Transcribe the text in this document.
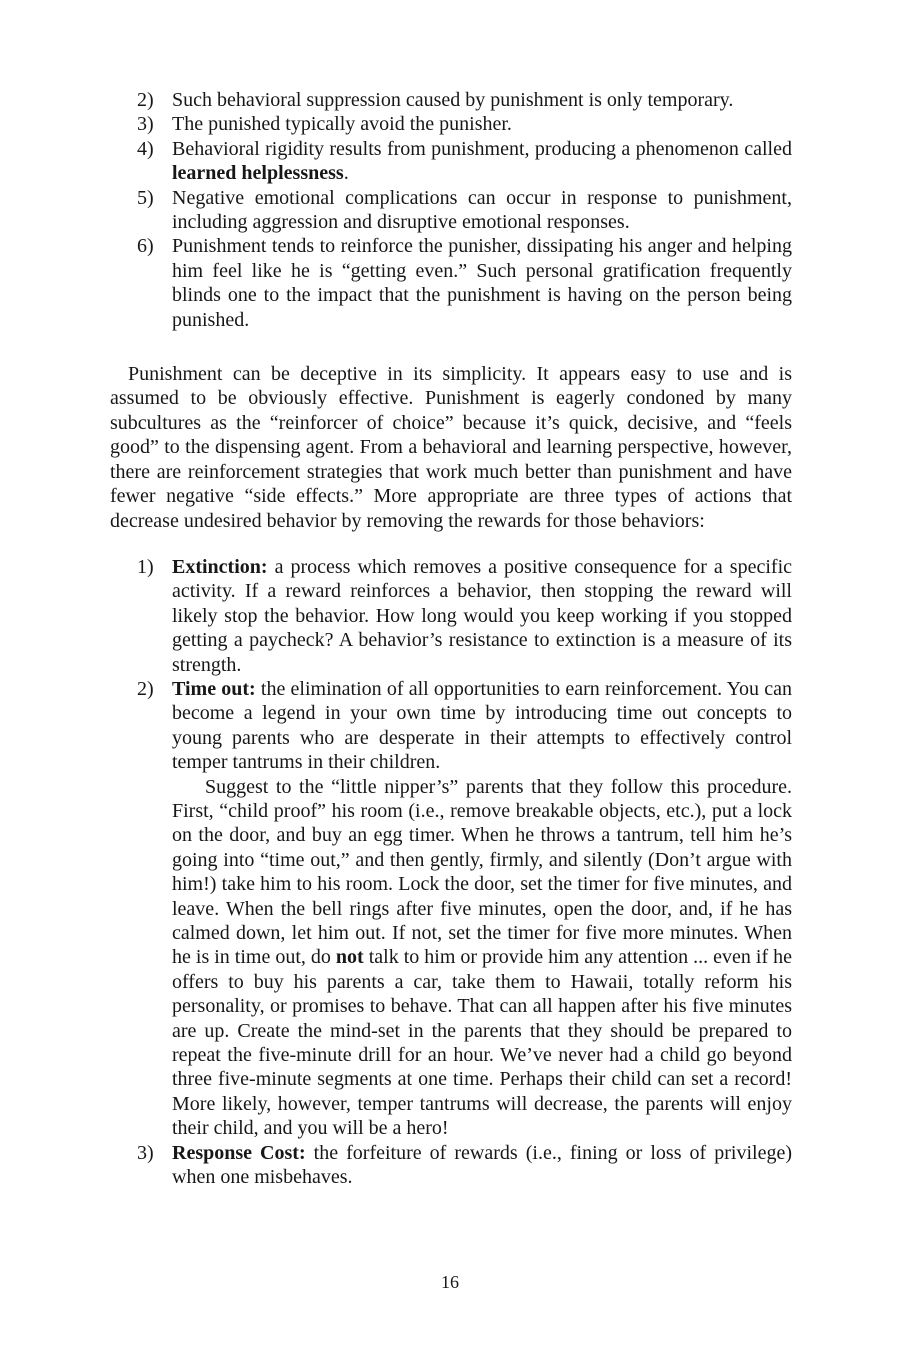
2) Such behavioral suppression caused by punishment is only temporary.
3) The punished typically avoid the punisher.
4) Behavioral rigidity results from punishment, producing a phenomenon called learned helplessness.
5) Negative emotional complications can occur in response to punishment, including aggression and disruptive emotional responses.
6) Punishment tends to reinforce the punisher, dissipating his anger and helping him feel like he is “getting even.” Such personal gratification frequently blinds one to the impact that the punishment is having on the person being punished.
Punishment can be deceptive in its simplicity. It appears easy to use and is assumed to be obviously effective. Punishment is eagerly condoned by many subcultures as the “reinforcer of choice” because it’s quick, decisive, and “feels good” to the dispensing agent. From a behavioral and learning perspective, however, there are reinforcement strategies that work much better than punishment and have fewer negative “side effects.” More appropriate are three types of actions that decrease undesired behavior by removing the rewards for those behaviors:
1) Extinction: a process which removes a positive consequence for a specific activity. If a reward reinforces a behavior, then stopping the reward will likely stop the behavior. How long would you keep working if you stopped getting a paycheck? A behavior’s resistance to extinction is a measure of its strength.
2) Time out: the elimination of all opportunities to earn reinforcement. You can become a legend in your own time by introducing time out concepts to young parents who are desperate in their attempts to effectively control temper tantrums in their children.
Suggest to the “little nipper’s” parents that they follow this procedure. First, “child proof” his room (i.e., remove breakable objects, etc.), put a lock on the door, and buy an egg timer. When he throws a tantrum, tell him he’s going into “time out,” and then gently, firmly, and silently (Don’t argue with him!) take him to his room. Lock the door, set the timer for five minutes, and leave. When the bell rings after five minutes, open the door, and, if he has calmed down, let him out. If not, set the timer for five more minutes. When he is in time out, do not talk to him or provide him any attention ... even if he offers to buy his parents a car, take them to Hawaii, totally reform his personality, or promises to behave. That can all happen after his five minutes are up. Create the mind-set in the parents that they should be prepared to repeat the five-minute drill for an hour. We’ve never had a child go beyond three five-minute segments at one time. Perhaps their child can set a record! More likely, however, temper tantrums will decrease, the parents will enjoy their child, and you will be a hero!
3) Response Cost: the forfeiture of rewards (i.e., fining or loss of privilege) when one misbehaves.
16
